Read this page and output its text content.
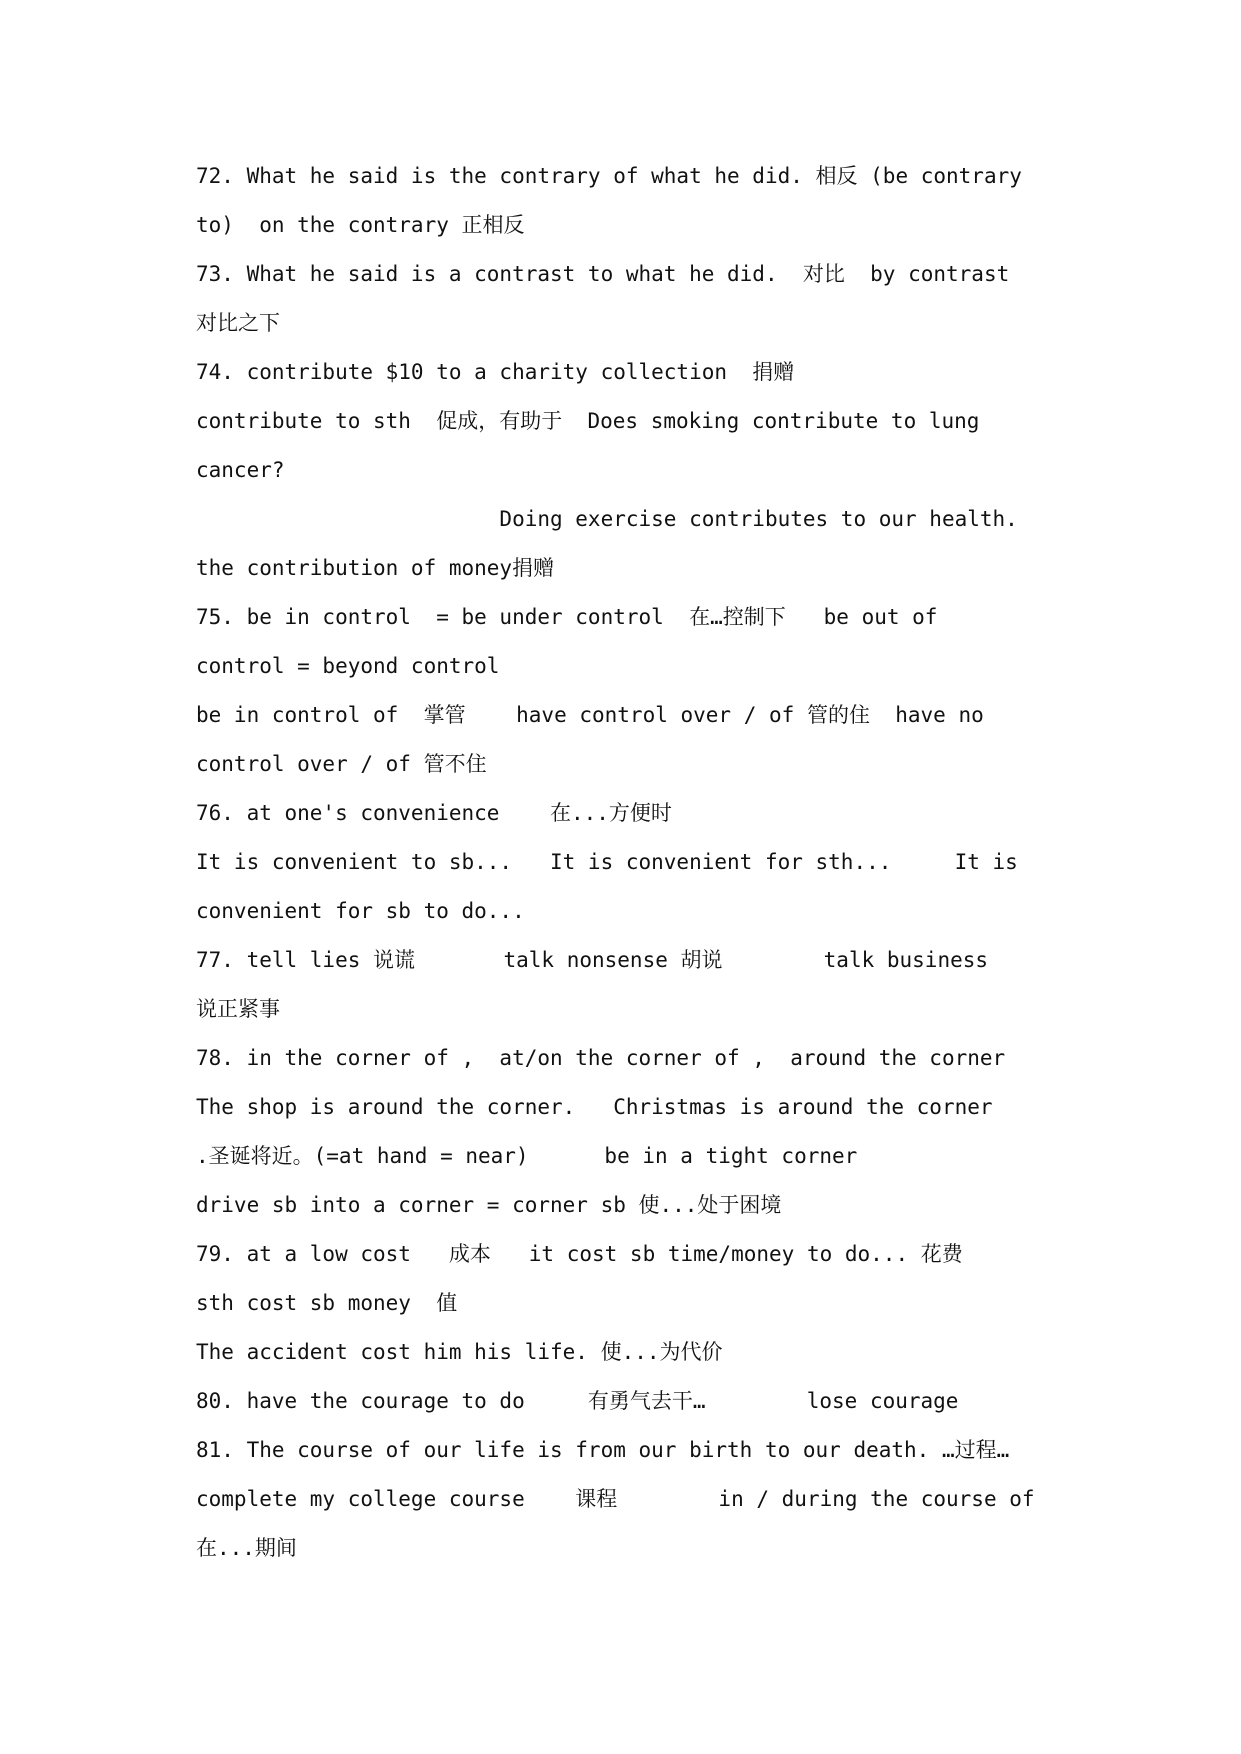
72. What he said is the contrary of what he did. 相反 (be contrary
to)  on the contrary 正相反
73. What he said is a contrast to what he did.  对比  by contrast
对比之下
74. contribute $10 to a charity collection  捐赠
contribute to sth  促成，有助于  Does smoking contribute to lung
cancer?
Doing exercise contributes to our health.
the contribution of money捐赠
75. be in control  = be under control  在…控制下   be out of
control = beyond control
be in control of  掌管    have control over / of 管的住  have no
control over / of 管不住
76. at one's convenience    在...方便时
It is convenient to sb...   It is convenient for sth...     It is
convenient for sb to do...
77. tell lies 说谎       talk nonsense 胡说        talk business
说正紧事
78. in the corner of ,  at/on the corner of ,  around the corner
The shop is around the corner.   Christmas is around the corner
.圣诞将近。(=at hand = near)      be in a tight corner
drive sb into a corner = corner sb 使...处于困境
79. at a low cost   成本   it cost sb time/money to do... 花费
sth cost sb money  值
The accident cost him his life. 使...为代价
80. have the courage to do     有勇气去干…        lose courage
81. The course of our life is from our birth to our death. …过程…
complete my college course    课程        in / during the course of
在...期间
